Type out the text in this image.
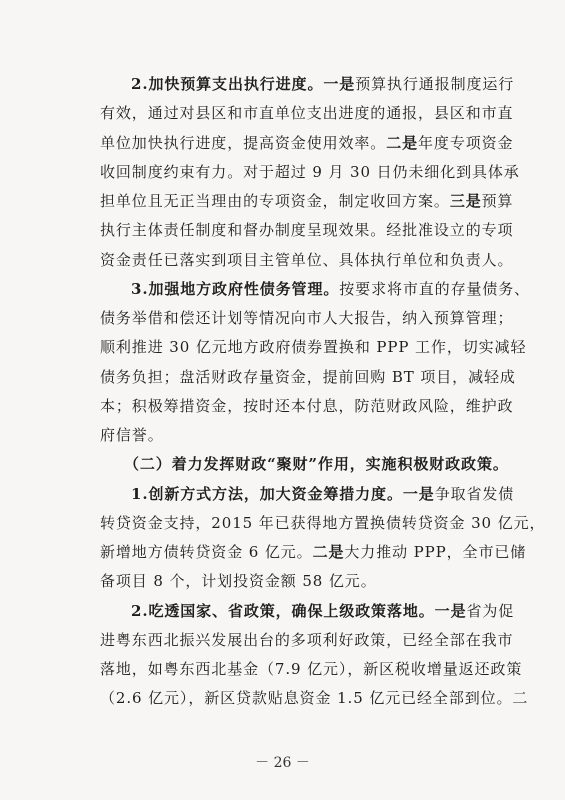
2.加快预算支出执行进度。一是预算执行通报制度运行
有效，通过对县区和市直单位支出进度的通报，县区和市直
单位加快执行进度，提高资金使用效率。二是年度专项资金
收回制度约束有力。对于超过 9 月 30 日仍未细化到具体承
担单位且无正当理由的专项资金，制定收回方案。三是预算
执行主体责任制度和督办制度呈现效果。经批准设立的专项
资金责任已落实到项目主管单位、具体执行单位和负责人。
3.加强地方政府性债务管理。按要求将市直的存量债务、
债务举借和偿还计划等情况向市人大报告，纳入预算管理；
顺利推进 30 亿元地方政府债券置换和 PPP 工作，切实减轻
债务负担；盘活财政存量资金，提前回购 BT 项目，减轻成
本；积极筹措资金，按时还本付息，防范财政风险，维护政
府信誉。
（二）着力发挥财政“聚财”作用，实施积极财政政策。
1.创新方式方法，加大资金筹措力度。一是争取省发债
转贷资金支持，2015 年已获得地方置换债转贷资金 30 亿元，
新增地方债转贷资金 6 亿元。二是大力推动 PPP，全市已储
备项目 8 个，计划投资金额 58 亿元。
2.吃透国家、省政策，确保上级政策落地。一是省为促
进粤东西北振兴发展出台的多项利好政策，已经全部在我市
落地，如粤东西北基金（7.9 亿元），新区税收增量返还政策
（2.6 亿元），新区贷款贴息资金 1.5 亿元已经全部到位。二
－ 26 －
